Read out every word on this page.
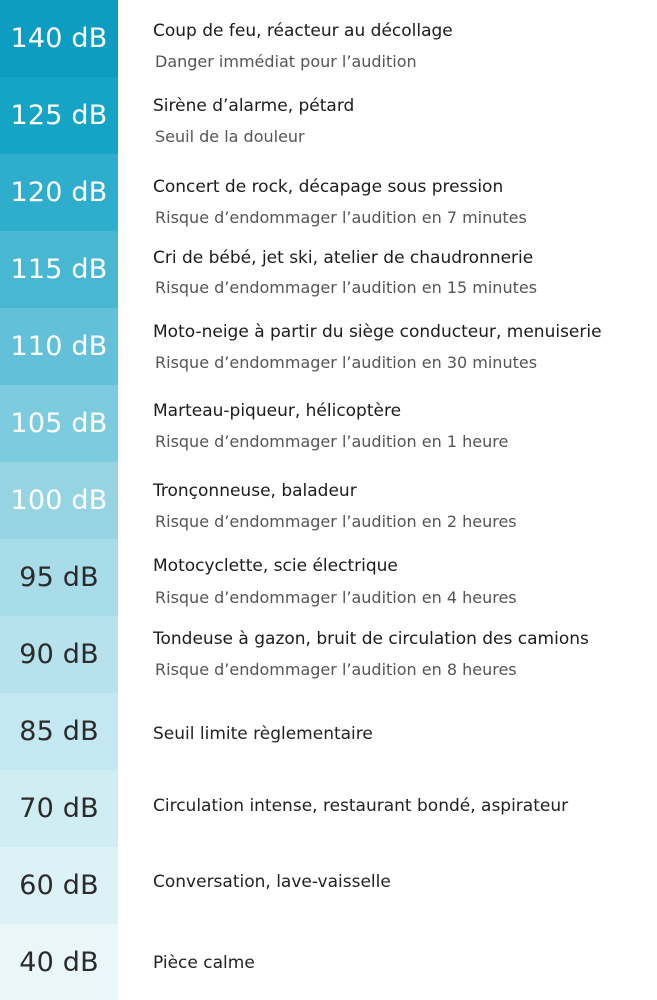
140 dB	Coup de feu, réacteur au décollage
Danger immédiat pour l’audition
125 dB	Sirène d’alarme, pétard
Seuil de la douleur
120 dB	Concert de rock, décapage sous pression
Risque d’endommager l’audition en 7 minutes
115 dB	Cri de bébé, jet ski, atelier de chaudronnerie
Risque d’endommager l’audition en 15 minutes
110 dB	Moto-neige à partir du siège conducteur, menuiserie
Risque d’endommager l’audition en 30 minutes
105 dB	Marteau-piqueur, hélicoptère
Risque d’endommager l’audition en 1 heure
100 dB	Tronçonneuse, baladeur
Risque d’endommager l’audition en 2 heures
95 dB	Motocyclette, scie électrique
Risque d’endommager l’audition en 4 heures
90 dB	Tondeuse à gazon, bruit de circulation des camions
Risque d’endommager l’audition en 8 heures
85 dB	Seuil limite règlementaire
70 dB	Circulation intense, restaurant bondé, aspirateur
60 dB	Conversation, lave-vaisselle
40 dB	Pièce calme
